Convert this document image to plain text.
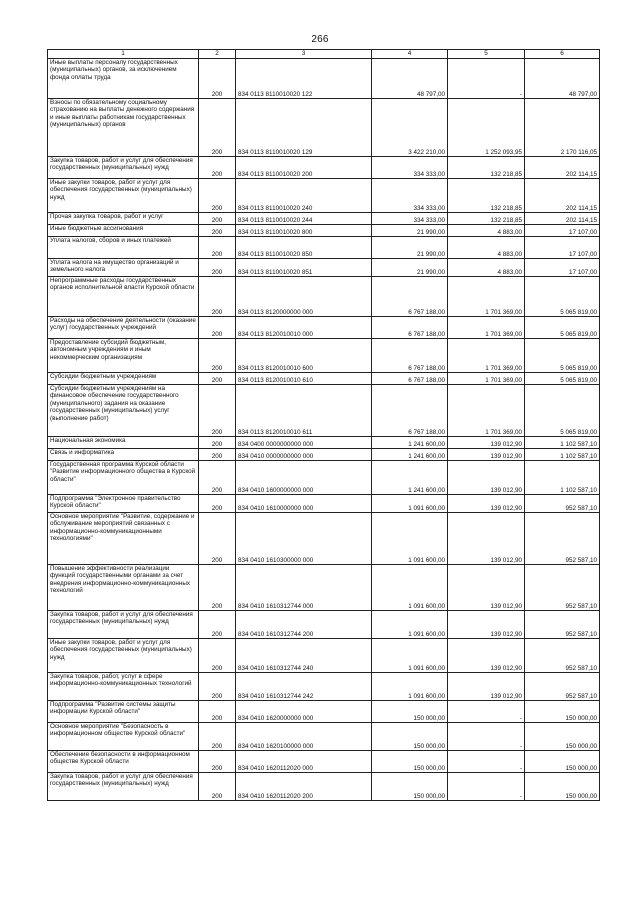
266
1	2	3	4	5	6
Иные выплаты персоналу государственных (муниципальных) органов, за исключением фонда оплаты труда	200	834 0113 8110010020 122	48 797,00	-	48 797,00
Взносы по обязательному социальному страхованию на выплаты денежного содержания и иные выплаты работникам государственных (муниципальных) органов	200	834 0113 8110010020 129	3 422 210,00	1 252 093,95	2 170 116,05
Закупка товаров, работ и услуг для обеспечения государственных (муниципальных) нужд	200	834 0113 8110010020 200	334 333,00	132 218,85	202 114,15
Иные закупки товаров, работ и услуг для обеспечения государственных (муниципальных) нужд	200	834 0113 8110010020 240	334 333,00	132 218,85	202 114,15
Прочая закупка товаров, работ и услуг	200	834 0113 8110010020 244	334 333,00	132 218,85	202 114,15
Иные бюджетные ассигнования	200	834 0113 8110010020 800	21 990,00	4 883,00	17 107,00
Уплата налогов, сборов и иных платежей	200	834 0113 8110010020 850	21 990,00	4 883,00	17 107,00
Уплата налога на имущество организаций и земельного налога	200	834 0113 8110010020 851	21 990,00	4 883,00	17 107,00
Непрограммные расходы государственных органов исполнительной власти Курской области	200	834 0113 8120000000 000	6 767 188,00	1 701 369,00	5 065 819,00
Расходы на обеспечение деятельности (оказание услуг) государственных учреждений	200	834 0113 8120010010 000	6 767 188,00	1 701 369,00	5 065 819,00
Предоставление субсидий бюджетным, автономным учреждениям и иным некоммерческим организациям	200	834 0113 8120010010 600	6 767 188,00	1 701 369,00	5 065 819,00
Субсидии бюджетным учреждениям	200	834 0113 8120010010 610	6 767 188,00	1 701 369,00	5 065 819,00
Субсидии бюджетным учреждениям на финансовое обеспечение государственного (муниципального) задания на оказание государственных (муниципальных) услуг (выполнение работ)	200	834 0113 8120010010 611	6 767 188,00	1 701 369,00	5 065 819,00
Национальная экономика	200	834 0400 0000000000 000	1 241 600,00	139 012,90	1 102 587,10
Связь и информатика	200	834 0410 0000000000 000	1 241 600,00	139 012,90	1 102 587,10
Государственная программа Курской области "Развитие информационного общества в Курской области"	200	834 0410 1600000000 000	1 241 600,00	139 012,90	1 102 587,10
Подпрограмма "Электронное правительство Курской области"	200	834 0410 1610000000 000	1 091 600,00	139 012,90	952 587,10
Основное мероприятие "Развитие, содержание и обслуживание мероприятий связанных с информационно-коммуникационными технологиями"	200	834 0410 1610300000 000	1 091 600,00	139 012,90	952 587,10
Повышение эффективности реализации функций государственными органами за счет внедрения информационно-коммуникационных технологий	200	834 0410 1610312744 000	1 091 600,00	139 012,90	952 587,10
Закупка товаров, работ и услуг для обеспечения государственных (муниципальных) нужд	200	834 0410 1610312744 200	1 091 600,00	139 012,90	952 587,10
Иные закупки товаров, работ и услуг для обеспечения государственных (муниципальных) нужд	200	834 0410 1610312744 240	1 091 600,00	139 012,90	952 587,10
Закупка товаров, работ, услуг в сфере информационно-коммуникационных технологий	200	834 0410 1610312744 242	1 091 600,00	139 012,90	952 587,10
Подпрограмма "Развитие системы защиты информации Курской области"	200	834 0410 1620000000 000	150 000,00	-	150 000,00
Основное мероприятие "Безопасность в информационном обществе Курской области"	200	834 0410 1620100000 000	150 000,00	-	150 000,00
Обеспечение безопасности в информационном обществе Курской области	200	834 0410 1620112020 000	150 000,00	-	150 000,00
Закупка товаров, работ и услуг для обеспечения государственных (муниципальных) нужд	200	834 0410 1620112020 200	150 000,00	-	150 000,00
